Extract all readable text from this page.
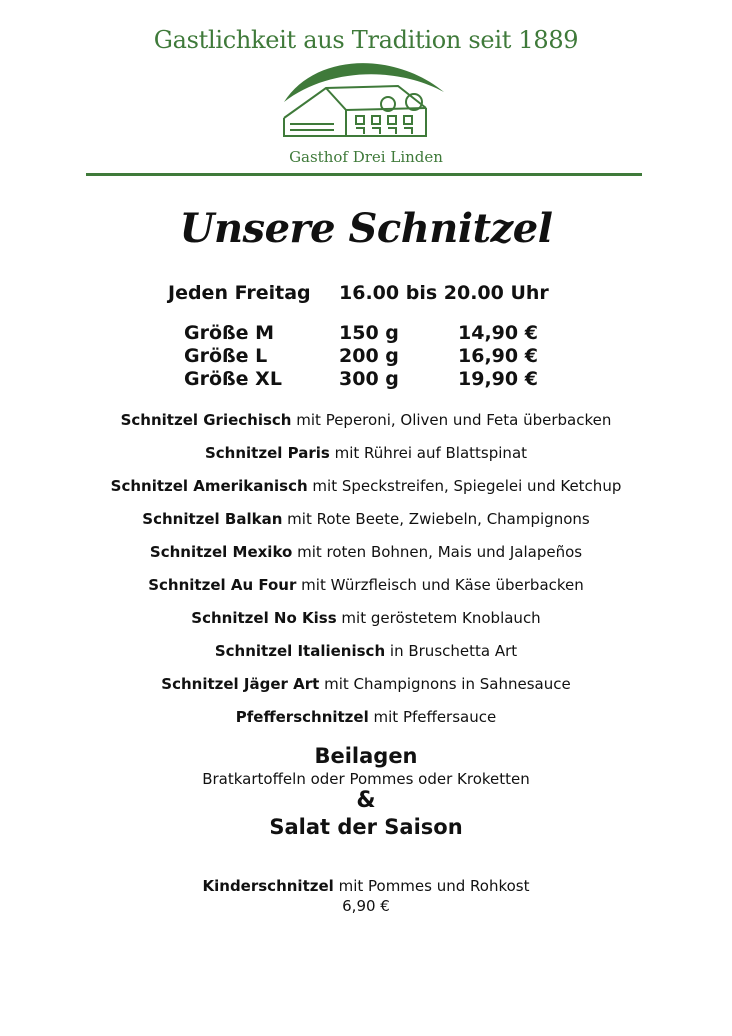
Gastlichkeit aus Tradition seit 1889
Gasthof Drei Linden
Unsere Schnitzel
Jeden Freitag 16.00 bis 20.00 Uhr
Größe M	150 g	14,90 €
Größe L	200 g	16,90 €
Größe XL	300 g	19,90 €
Schnitzel Griechisch mit Peperoni, Oliven und Feta überbacken
Schnitzel Paris mit Rührei auf Blattspinat
Schnitzel Amerikanisch mit Speckstreifen, Spiegelei und Ketchup
Schnitzel Balkan mit Rote Beete, Zwiebeln, Champignons
Schnitzel Mexiko mit roten Bohnen, Mais und Jalapeños
Schnitzel Au Four mit Würzfleisch und Käse überbacken
Schnitzel No Kiss mit geröstetem Knoblauch
Schnitzel Italienisch in Bruschetta Art
Schnitzel Jäger Art mit Champignons in Sahnesauce
Pfefferschnitzel mit Pfeffersauce
Beilagen
Bratkartoffeln oder Pommes oder Kroketten
&
Salat der Saison
Kinderschnitzel mit Pommes und Rohkost
6,90 €
